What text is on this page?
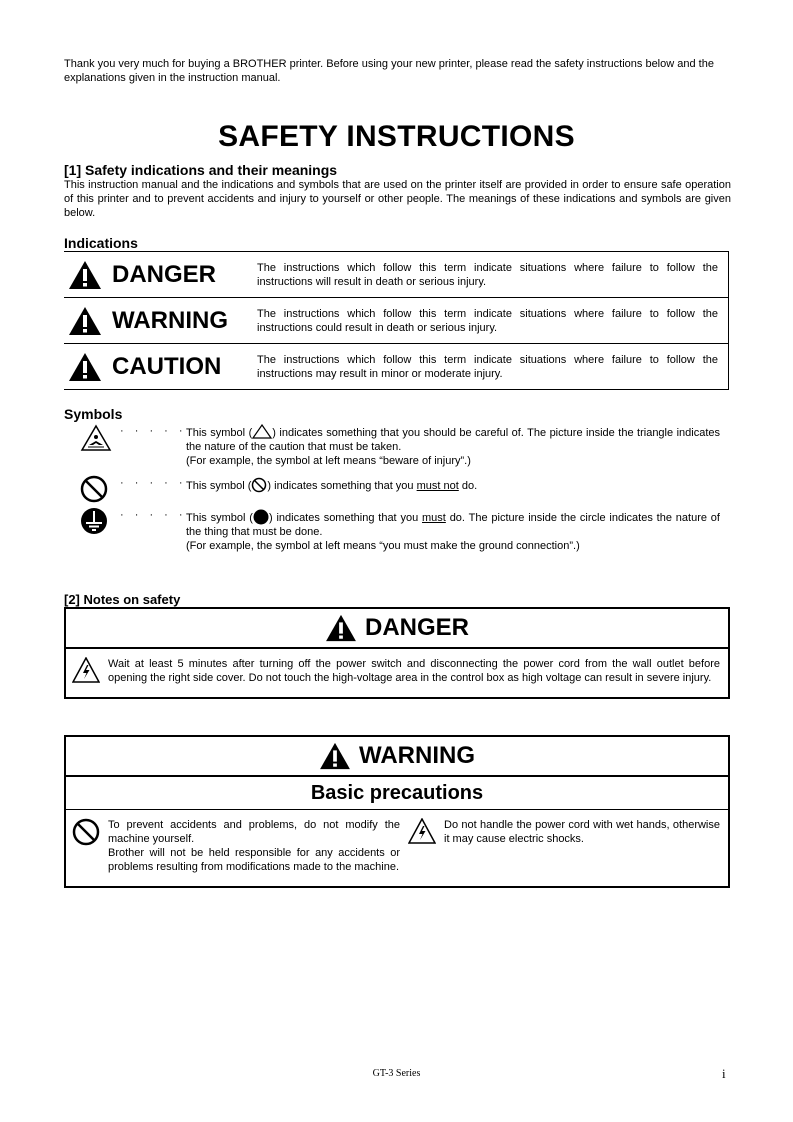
Thank you very much for buying a BROTHER printer. Before using your new printer, please read the safety instructions below and the explanations given in the instruction manual.
SAFETY INSTRUCTIONS
[1] Safety indications and their meanings
This instruction manual and the indications and symbols that are used on the printer itself are provided in order to ensure safe operation of this printer and to prevent accidents and injury to yourself or other people. The meanings of these indications and symbols are given below.
Indications
DANGER	The instructions which follow this term indicate situations where failure to follow the instructions will result in death or serious injury.
WARNING	The instructions which follow this term indicate situations where failure to follow the instructions could result in death or serious injury.
CAUTION	The instructions which follow this term indicate situations where failure to follow the instructions may result in minor or moderate injury.
Symbols
· · · · · This symbol ( ) indicates something that you should be careful of. The picture inside the triangle indicates the nature of the caution that must be taken.
(For example, the symbol at left means “beware of injury”.)
· · · · · This symbol ( ) indicates something that you must not do.
· · · · · This symbol ( ) indicates something that you must do. The picture inside the circle indicates the nature of the thing that must be done.
(For example, the symbol at left means “you must make the ground connection”.)
[2] Notes on safety
DANGER
Wait at least 5 minutes after turning off the power switch and disconnecting the power cord from the wall outlet before opening the right side cover. Do not touch the high-voltage area in the control box as high voltage can result in severe injury.
WARNING
Basic precautions
To prevent accidents and problems, do not modify the machine yourself.
Brother will not be held responsible for any accidents or problems resulting from modifications made to the machine.
Do not handle the power cord with wet hands, otherwise it may cause electric shocks.
GT-3 Series	i
